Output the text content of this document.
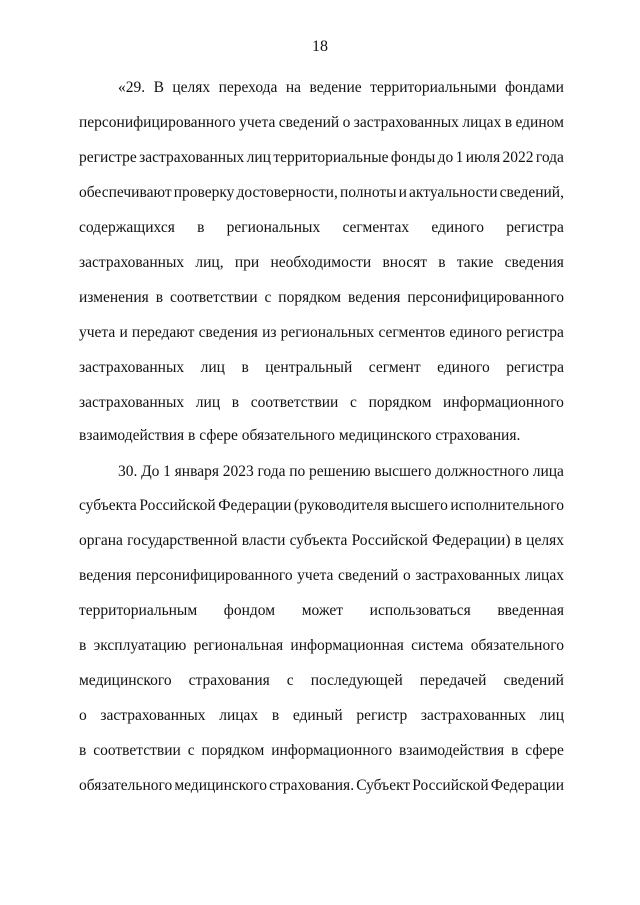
18
«29. В целях перехода на ведение территориальными фондами
персонифицированного учета сведений о застрахованных лицах в едином
регистре застрахованных лиц территориальные фонды до 1 июля 2022 года
обеспечивают проверку достоверности, полноты и актуальности сведений,
содержащихся в региональных сегментах единого регистра
застрахованных лиц, при необходимости вносят в такие сведения
изменения в соответствии с порядком ведения персонифицированного
учета и передают сведения из региональных сегментов единого регистра
застрахованных лиц в центральный сегмент единого регистра
застрахованных лиц в соответствии с порядком информационного
взаимодействия в сфере обязательного медицинского страхования.
30. До 1 января 2023 года по решению высшего должностного лица
субъекта Российской Федерации (руководителя высшего исполнительного
органа государственной власти субъекта Российской Федерации) в целях
ведения персонифицированного учета сведений о застрахованных лицах
территориальным фондом может использоваться введенная
в эксплуатацию региональная информационная система обязательного
медицинского страхования с последующей передачей сведений
о застрахованных лицах в единый регистр застрахованных лиц
в соответствии с порядком информационного взаимодействия в сфере
обязательного медицинского страхования. Субъект Российской Федерации
